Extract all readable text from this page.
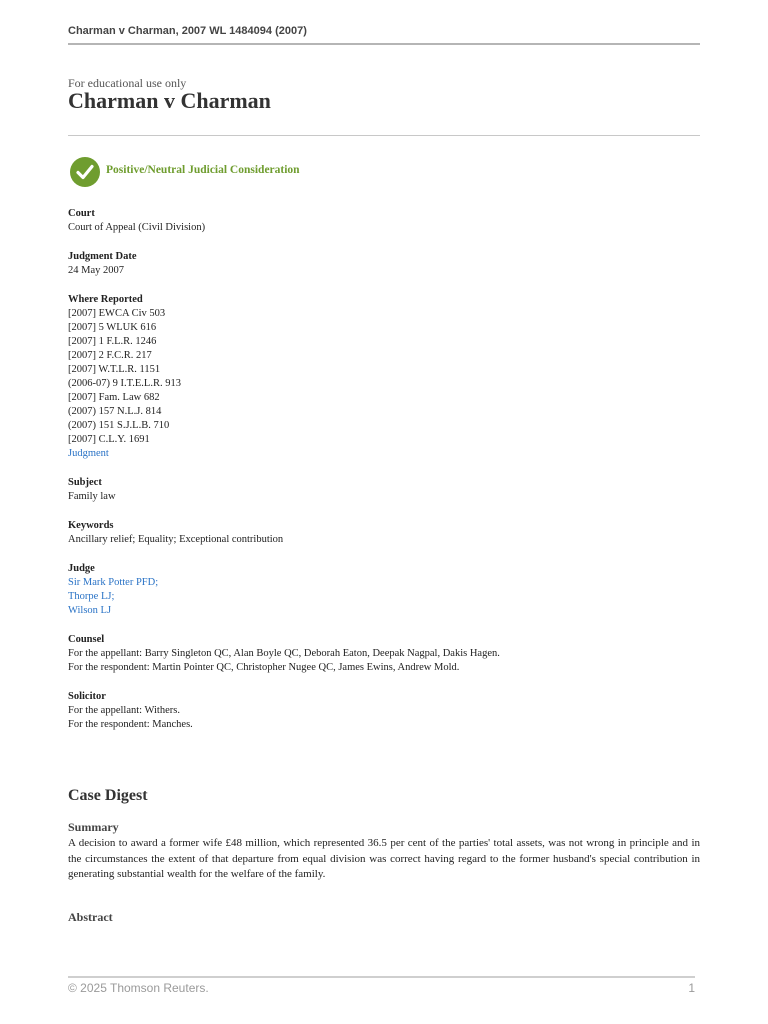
Charman v Charman, 2007 WL 1484094 (2007)
For educational use only
Charman v Charman
Positive/Neutral Judicial Consideration
Court
Court of Appeal (Civil Division)
Judgment Date
24 May 2007
Where Reported
[2007] EWCA Civ 503
[2007] 5 WLUK 616
[2007] 1 F.L.R. 1246
[2007] 2 F.C.R. 217
[2007] W.T.L.R. 1151
(2006-07) 9 I.T.E.L.R. 913
[2007] Fam. Law 682
(2007) 157 N.L.J. 814
(2007) 151 S.J.L.B. 710
[2007] C.L.Y. 1691
Judgment
Subject
Family law
Keywords
Ancillary relief; Equality; Exceptional contribution
Judge
Sir Mark Potter PFD;
Thorpe LJ;
Wilson LJ
Counsel
For the appellant: Barry Singleton QC, Alan Boyle QC, Deborah Eaton, Deepak Nagpal, Dakis Hagen.
For the respondent: Martin Pointer QC, Christopher Nugee QC, James Ewins, Andrew Mold.
Solicitor
For the appellant: Withers.
For the respondent: Manches.
Case Digest
Summary

A decision to award a former wife £48 million, which represented 36.5 per cent of the parties' total assets, was not wrong in principle and in the circumstances the extent of that departure from equal division was correct having regard to the former husband's special contribution in generating substantial wealth for the welfare of the family.

Abstract
© 2025 Thomson Reuters.	1
